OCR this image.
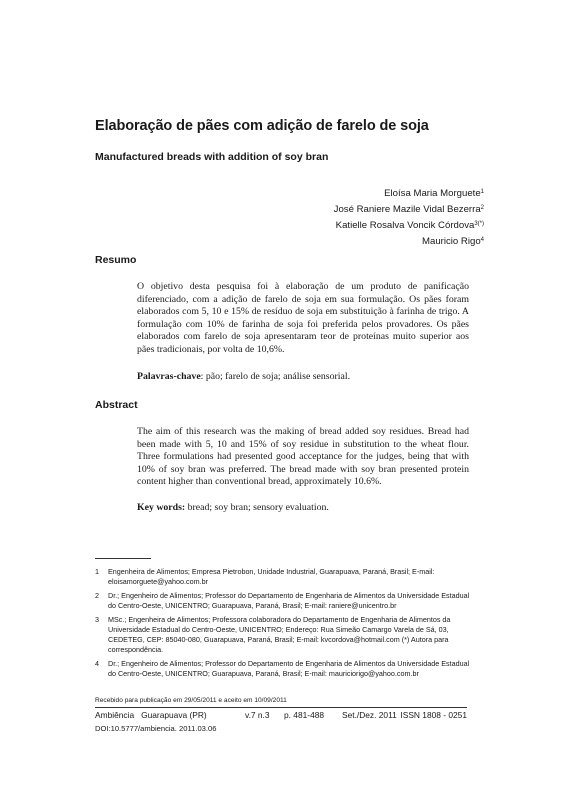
Elaboração de pães com adição de farelo de soja
Manufactured breads with addition of soy bran
Eloísa Maria Morguete$^1$
José Raniere Mazile Vidal Bezerra$^2$
Katielle Rosalva Voncik Córdova$^{3(*)}$
Mauricio Rigo$^4$
Resumo

O objetivo desta pesquisa foi à elaboração de um produto de panificação diferenciado, com a adição de farelo de soja em sua formulação. Os pães foram elaborados com 5, 10 e 15% de resíduo de soja em substituição à farinha de trigo. A formulação com 10% de farinha de soja foi preferida pelos provadores. Os pães elaborados com farelo de soja apresentaram teor de proteínas muito superior aos pães tradicionais, por volta de 10,6%.

Palavras-chave: pão; farelo de soja; análise sensorial.
Abstract

The aim of this research was the making of bread added soy residues. Bread had been made with 5, 10 and 15% of soy residue in substitution to the wheat flour. Three formulations had presented good acceptance for the judges, being that with 10% of soy bran was preferred. The bread made with soy bran presented protein content higher than conventional bread, approximately 10.6%.

Key words: bread; soy bran; sensory evaluation.
1	Engenheira de Alimentos; Empresa Pietrobon, Unidade Industrial, Guarapuava, Paraná, Brasil; E-mail: eloisamorguete@yahoo.com.br
2	Dr.; Engenheiro de Alimentos; Professor do Departamento de Engenharia de Alimentos da Universidade Estadual do Centro-Oeste, UNICENTRO; Guarapuava, Paraná, Brasil; E-mail: raniere@unicentro.br
3	MSc.; Engenheira de Alimentos; Professora colaboradora do Departamento de Engenharia de Alimentos da Universidade Estadual do Centro-Oeste, UNICENTRO; Endereço: Rua Simeão Camargo Varela de Sá, 03, CEDETEG, CEP: 85040-080, Guarapuava, Paraná, Brasil; E-mail: kvcordova@hotmail.com (*) Autora para correspondência.
4	Dr.; Engenheiro de Alimentos; Professor do Departamento de Engenharia de Alimentos da Universidade Estadual do Centro-Oeste, UNICENTRO; Guarapuava, Paraná, Brasil; E-mail: mauriciorigo@yahoo.com.br
Recebido para publicação em 29/05/2011 e aceito em 10/09/2011
Ambiência   Guarapuava (PR)	v.7 n.3 p. 481-488 Set./Dez. 2011 ISSN 1808 - 0251
DOI:10.5777/ambiencia. 2011.03.06
